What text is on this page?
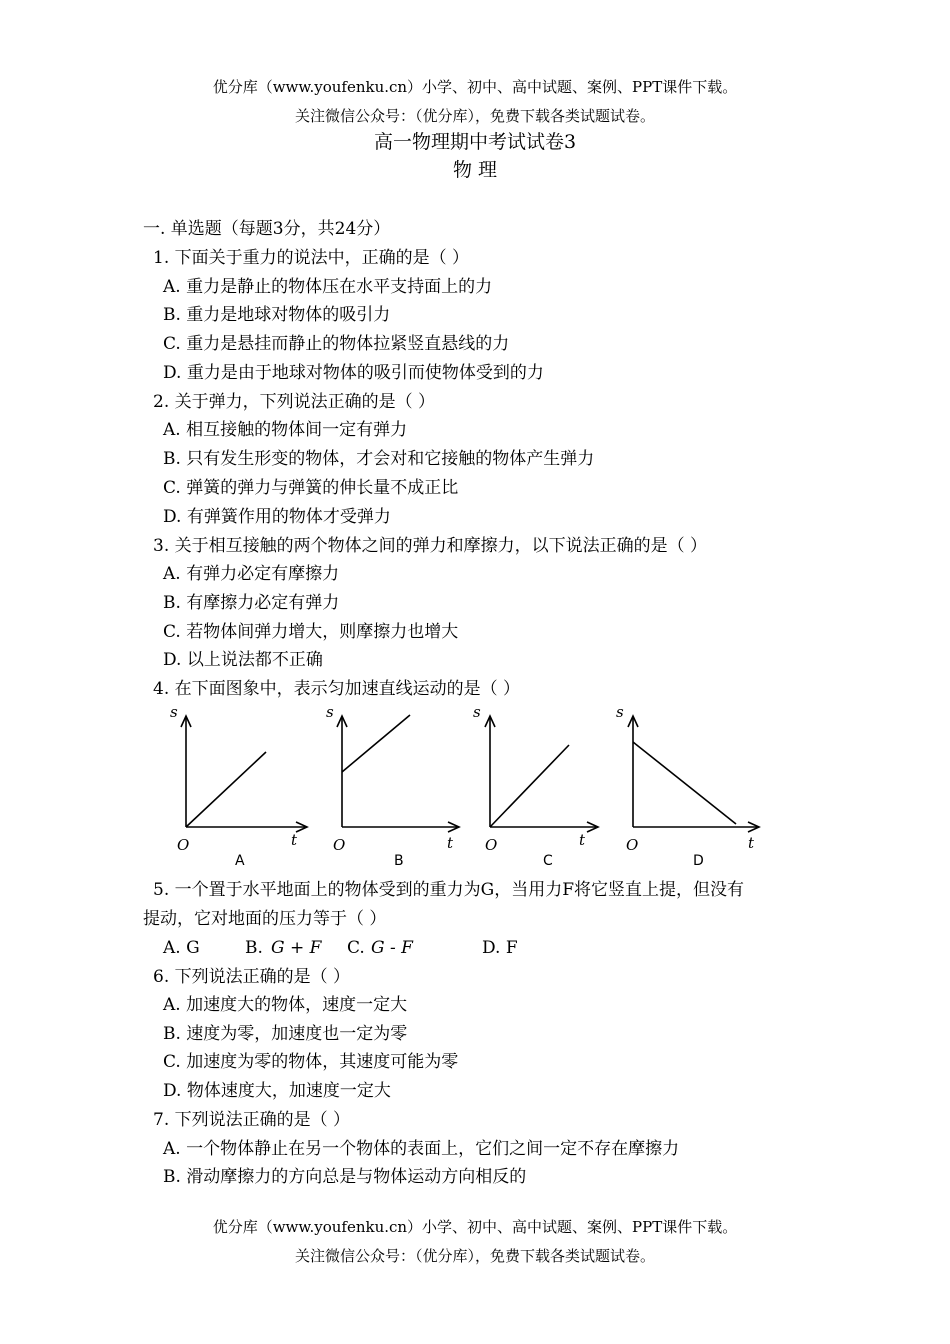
优分库（www.youfenku.cn）小学、初中、高中试题、案例、PPT课件下载。
关注微信公众号：（优分库），免费下载各类试题试卷。
高一物理期中考试试卷3
物 理
一. 单选题（每题3分，共24分）
1. 下面关于重力的说法中，正确的是（ ）
A. 重力是静止的物体压在水平支持面上的力
B. 重力是地球对物体的吸引力
C. 重力是悬挂而静止的物体拉紧竖直悬线的力
D. 重力是由于地球对物体的吸引而使物体受到的力
2. 关于弹力，下列说法正确的是（ ）
A. 相互接触的物体间一定有弹力
B. 只有发生形变的物体，才会对和它接触的物体产生弹力
C. 弹簧的弹力与弹簧的伸长量不成正比
D. 有弹簧作用的物体才受弹力
3. 关于相互接触的两个物体之间的弹力和摩擦力，以下说法正确的是（ ）
A. 有弹力必定有摩擦力
B. 有摩擦力必定有弹力
C. 若物体间弹力增大，则摩擦力也增大
D. 以上说法都不正确
4. 在下面图象中，表示匀加速直线运动的是（ ）
s
t
O
A
s
t
O
B
s
t
O
C
s
t
O
D
5. 一个置于水平地面上的物体受到的重力为G，当用力F将它竖直上提，但没有
提动，它对地面的压力等于（ ）
A. G	B. G + F C. G - F	D. F
6. 下列说法正确的是（ ）
A. 加速度大的物体，速度一定大
B. 速度为零，加速度也一定为零
C. 加速度为零的物体，其速度可能为零
D. 物体速度大，加速度一定大
7. 下列说法正确的是（ ）
A. 一个物体静止在另一个物体的表面上，它们之间一定不存在摩擦力
B. 滑动摩擦力的方向总是与物体运动方向相反的
优分库（www.youfenku.cn）小学、初中、高中试题、案例、PPT课件下载。
关注微信公众号：（优分库），免费下载各类试题试卷。
